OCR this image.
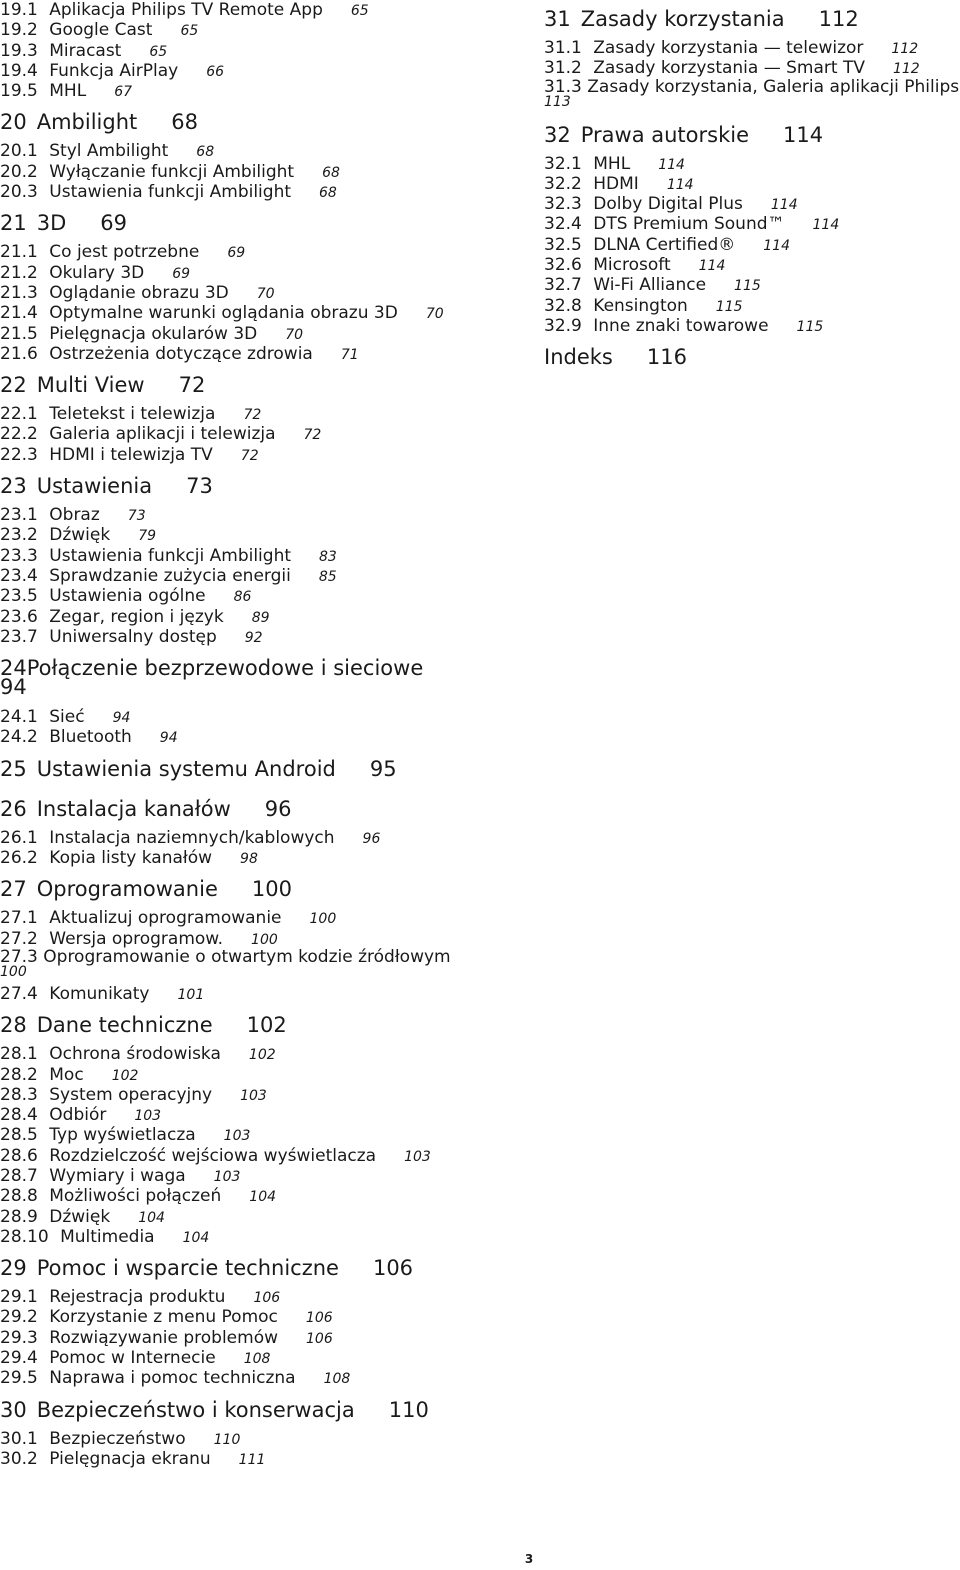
19.1 Aplikacja Philips TV Remote App 65
19.2 Google Cast 65
19.3 Miracast 65
19.4 Funkcja AirPlay 66
19.5 MHL 67
20 Ambilight 68
20.1 Styl Ambilight 68
20.2 Wyłączanie funkcji Ambilight 68
20.3 Ustawienia funkcji Ambilight 68
21 3D 69
21.1 Co jest potrzebne 69
21.2 Okulary 3D 69
21.3 Oglądanie obrazu 3D 70
21.4 Optymalne warunki oglądania obrazu 3D 70
21.5 Pielęgnacja okularów 3D 70
21.6 Ostrzeżenia dotyczące zdrowia 71
22 Multi View 72
22.1 Teletekst i telewizja 72
22.2 Galeria aplikacji i telewizja 72
22.3 HDMI i telewizja TV 72
23 Ustawienia 73
23.1 Obraz 73
23.2 Dźwięk 79
23.3 Ustawienia funkcji Ambilight 83
23.4 Sprawdzanie zużycia energii 85
23.5 Ustawienia ogólne 86
23.6 Zegar, region i język 89
23.7 Uniwersalny dostęp 92
24Połączenie bezprzewodowe i sieciowe
94
24.1 Sieć 94
24.2 Bluetooth 94
25 Ustawienia systemu Android 95
26 Instalacja kanałów 96
26.1 Instalacja naziemnych/kablowych 96
26.2 Kopia listy kanałów 98
27 Oprogramowanie 100
27.1 Aktualizuj oprogramowanie 100
27.2 Wersja oprogramow. 100
27.3 Oprogramowanie o otwartym kodzie źródłowym
100
27.4 Komunikaty 101
28 Dane techniczne 102
28.1 Ochrona środowiska 102
28.2 Moc 102
28.3 System operacyjny 103
28.4 Odbiór 103
28.5 Typ wyświetlacza 103
28.6 Rozdzielczość wejściowa wyświetlacza 103
28.7 Wymiary i waga 103
28.8 Możliwości połączeń 104
28.9 Dźwięk 104
28.10 Multimedia 104
29 Pomoc i wsparcie techniczne 106
29.1 Rejestracja produktu 106
29.2 Korzystanie z menu Pomoc 106
29.3 Rozwiązywanie problemów 106
29.4 Pomoc w Internecie 108
29.5 Naprawa i pomoc techniczna 108
30 Bezpieczeństwo i konserwacja 110
30.1 Bezpieczeństwo 110
30.2 Pielęgnacja ekranu 111
31 Zasady korzystania 112
31.1 Zasady korzystania — telewizor 112
31.2 Zasady korzystania — Smart TV 112
31.3 Zasady korzystania, Galeria aplikacji Philips
113
32 Prawa autorskie 114
32.1 MHL 114
32.2 HDMI 114
32.3 Dolby Digital Plus 114
32.4 DTS Premium Sound™ 114
32.5 DLNA Certified® 114
32.6 Microsoft 114
32.7 Wi-Fi Alliance 115
32.8 Kensington 115
32.9 Inne znaki towarowe 115
Indeks 116
3
